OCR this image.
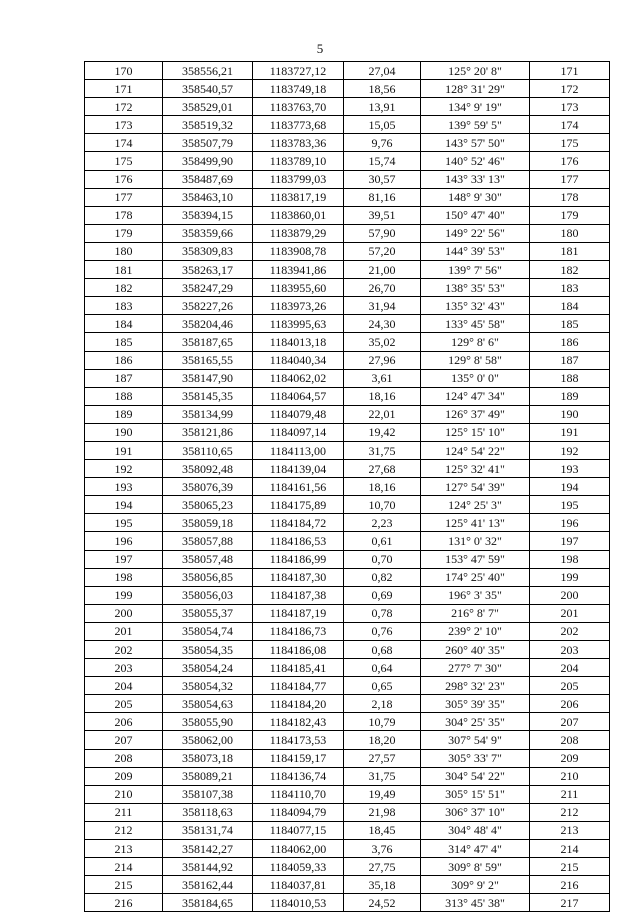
5
170	358556,21	1183727,12	27,04	125° 20' 8"	171
171	358540,57	1183749,18	18,56	128° 31' 29"	172
172	358529,01	1183763,70	13,91	134° 9' 19"	173
173	358519,32	1183773,68	15,05	139° 59' 5"	174
174	358507,79	1183783,36	9,76	143° 57' 50"	175
175	358499,90	1183789,10	15,74	140° 52' 46"	176
176	358487,69	1183799,03	30,57	143° 33' 13"	177
177	358463,10	1183817,19	81,16	148° 9' 30"	178
178	358394,15	1183860,01	39,51	150° 47' 40"	179
179	358359,66	1183879,29	57,90	149° 22' 56"	180
180	358309,83	1183908,78	57,20	144° 39' 53"	181
181	358263,17	1183941,86	21,00	139° 7' 56"	182
182	358247,29	1183955,60	26,70	138° 35' 53"	183
183	358227,26	1183973,26	31,94	135° 32' 43"	184
184	358204,46	1183995,63	24,30	133° 45' 58"	185
185	358187,65	1184013,18	35,02	129° 8' 6"	186
186	358165,55	1184040,34	27,96	129° 8' 58"	187
187	358147,90	1184062,02	3,61	135° 0' 0"	188
188	358145,35	1184064,57	18,16	124° 47' 34"	189
189	358134,99	1184079,48	22,01	126° 37' 49"	190
190	358121,86	1184097,14	19,42	125° 15' 10"	191
191	358110,65	1184113,00	31,75	124° 54' 22"	192
192	358092,48	1184139,04	27,68	125° 32' 41"	193
193	358076,39	1184161,56	18,16	127° 54' 39"	194
194	358065,23	1184175,89	10,70	124° 25' 3"	195
195	358059,18	1184184,72	2,23	125° 41' 13"	196
196	358057,88	1184186,53	0,61	131° 0' 32"	197
197	358057,48	1184186,99	0,70	153° 47' 59"	198
198	358056,85	1184187,30	0,82	174° 25' 40"	199
199	358056,03	1184187,38	0,69	196° 3' 35"	200
200	358055,37	1184187,19	0,78	216° 8' 7"	201
201	358054,74	1184186,73	0,76	239° 2' 10"	202
202	358054,35	1184186,08	0,68	260° 40' 35"	203
203	358054,24	1184185,41	0,64	277° 7' 30"	204
204	358054,32	1184184,77	0,65	298° 32' 23"	205
205	358054,63	1184184,20	2,18	305° 39' 35"	206
206	358055,90	1184182,43	10,79	304° 25' 35"	207
207	358062,00	1184173,53	18,20	307° 54' 9"	208
208	358073,18	1184159,17	27,57	305° 33' 7"	209
209	358089,21	1184136,74	31,75	304° 54' 22"	210
210	358107,38	1184110,70	19,49	305° 15' 51"	211
211	358118,63	1184094,79	21,98	306° 37' 10"	212
212	358131,74	1184077,15	18,45	304° 48' 4"	213
213	358142,27	1184062,00	3,76	314° 47' 4"	214
214	358144,92	1184059,33	27,75	309° 8' 59"	215
215	358162,44	1184037,81	35,18	309° 9' 2"	216
216	358184,65	1184010,53	24,52	313° 45' 38"	217
